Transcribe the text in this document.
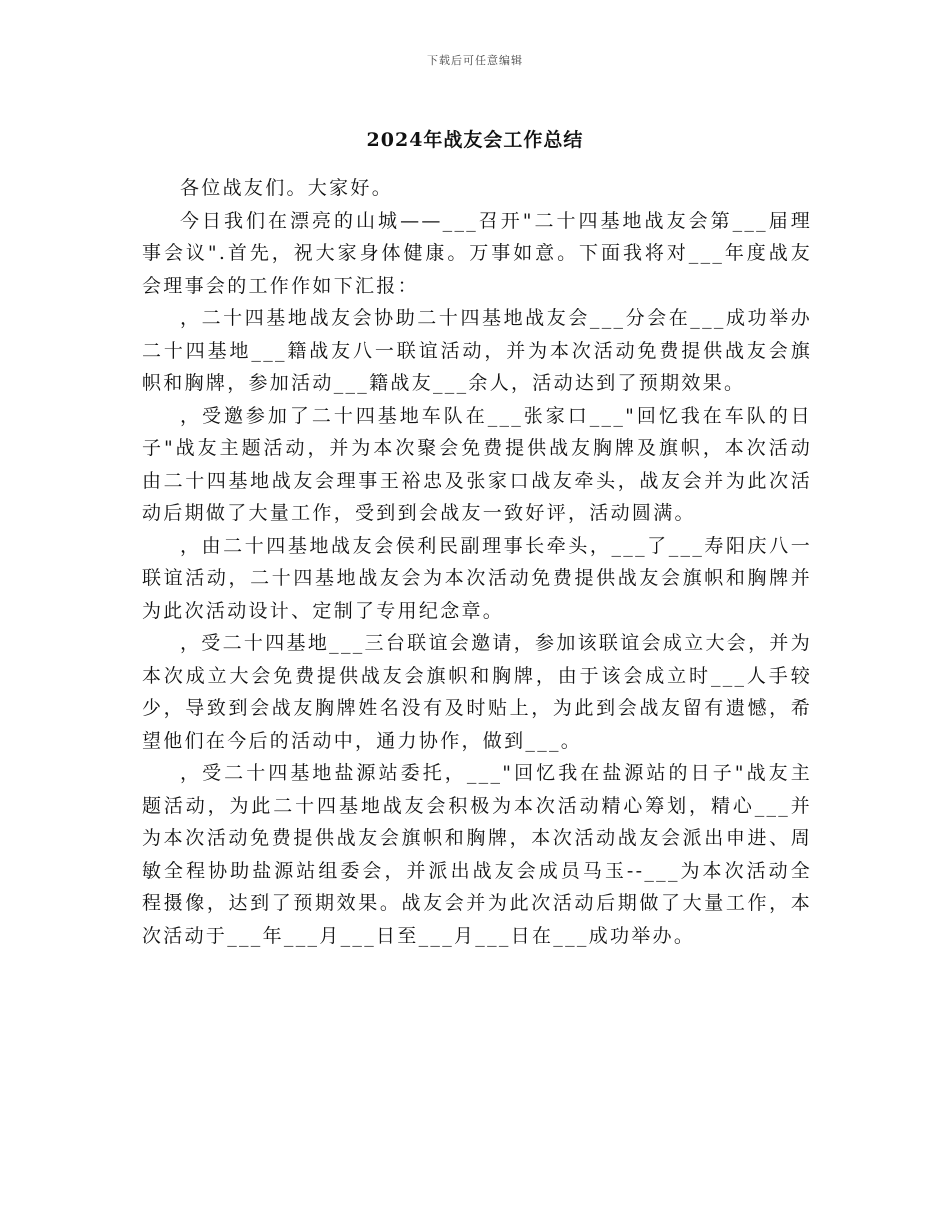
下载后可任意编辑
2024年战友会工作总结

各位战友们。大家好。

今日我们在漂亮的山城——___召开"二十四基地战友会第___届理事会议".首先，祝大家身体健康。万事如意。下面我将对___年度战友会理事会的工作作如下汇报：

，二十四基地战友会协助二十四基地战友会___分会在___成功举办二十四基地___籍战友八一联谊活动，并为本次活动免费提供战友会旗帜和胸牌，参加活动___籍战友___余人，活动达到了预期效果。

，受邀参加了二十四基地车队在___张家口___"回忆我在车队的日子"战友主题活动，并为本次聚会免费提供战友胸牌及旗帜，本次活动由二十四基地战友会理事王裕忠及张家口战友牵头，战友会并为此次活动后期做了大量工作，受到到会战友一致好评，活动圆满。

，由二十四基地战友会侯利民副理事长牵头，___了___寿阳庆八一联谊活动，二十四基地战友会为本次活动免费提供战友会旗帜和胸牌并为此次活动设计、定制了专用纪念章。

，受二十四基地___三台联谊会邀请，参加该联谊会成立大会，并为本次成立大会免费提供战友会旗帜和胸牌，由于该会成立时___人手较少，导致到会战友胸牌姓名没有及时贴上，为此到会战友留有遗憾，希望他们在今后的活动中，通力协作，做到___。

，受二十四基地盐源站委托，___"回忆我在盐源站的日子"战友主题活动，为此二十四基地战友会积极为本次活动精心筹划，精心___并为本次活动免费提供战友会旗帜和胸牌，本次活动战友会派出申进、周敏全程协助盐源站组委会，并派出战友会成员马玉--___为本次活动全程摄像，达到了预期效果。战友会并为此次活动后期做了大量工作，本次活动于___年___月___日至___月___日在___成功举办。
